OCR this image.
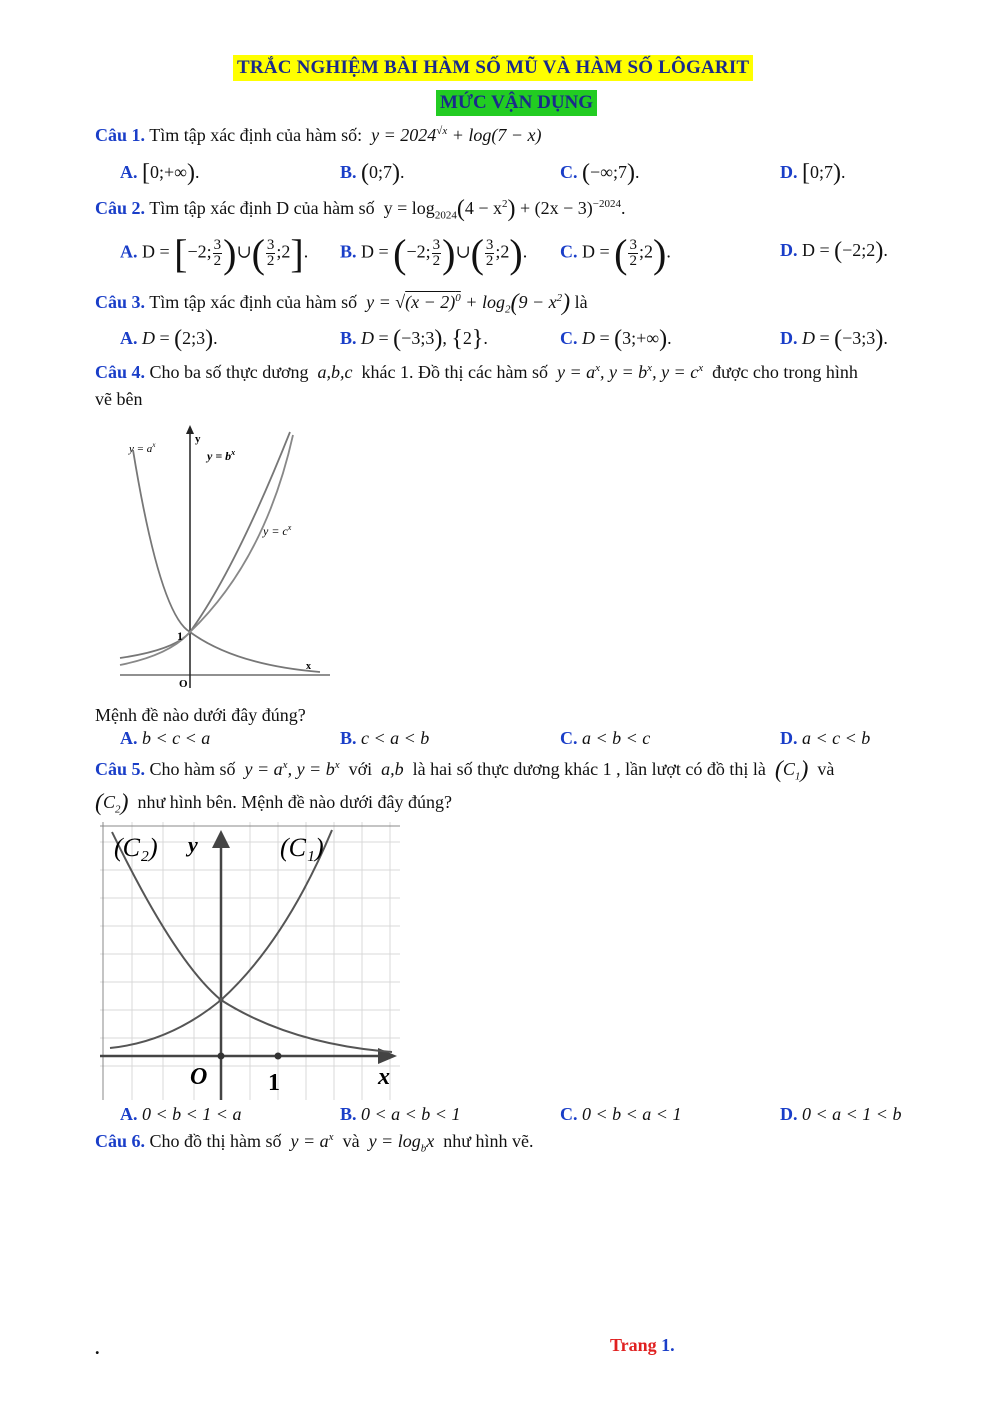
TRẮC NGHIỆM BÀI HÀM SỐ MŨ VÀ HÀM SỐ LÔGARIT
MỨC VẬN DỤNG
Câu 1. Tìm tập xác định của hàm số:  $y = 2024^{√x} + \log(7 - x)$
A. [0;+∞).	B. (0;7).	C. (−∞;7).	D. [0;7).
Câu 2. Tìm tập xác định D của hàm số  $y = \log_{2024}(4 - x^2) + (2x - 3)^{-2024}$.
A. D = [−2; $\frac{3}{2}$ )∪( $\frac{3}{2}$ ;2]. B. D = (−2; $\frac{3}{2}$ )∪( $\frac{3}{2}$ ;2). C. D = ( $\frac{3}{2}$ ;2).	D. D = (−2;2).
Câu 3. Tìm tập xác định của hàm số  $y = √(x - 2)^0 + \log_2(9 - x^2)$ là
A. D = (2;3).	B. D = (−3;3), {2}.	C. D = (3;+∞).	D. D = (−3;3).
Câu 4. Cho ba số thực dương  a,b,c  khác 1. Đồ thị các hàm số  $y = a^x$, $y = b^x$, $y = c^x$ được cho trong hình
vẽ bên
$y = a^x$
$y = b^x$
$y = c^x$
y
1
O
x
Mệnh đề nào dưới đây đúng?
A. b < c < a	B. c < a < b	C. a < b < c	D. a < c < b
Câu 5. Cho hàm số  $y = a^x$, $y = b^x$ với  a,b  là hai số thực dương khác 1 , lần lượt có đồ thị là $(C_1)$ và
$(C_2)$ như hình bên. Mệnh đề nào dưới đây đúng?
(C₂)	(C₁)
y
O	1	x
A. 0 < b < 1 < a	B. 0 < a < b < 1	C. 0 < b < a < 1	D. 0 < a < 1 < b
Câu 6. Cho đồ thị hàm số  $y = a^x$ và  $y = \log_bx$  như hình vẽ.
.	Trang 1.
